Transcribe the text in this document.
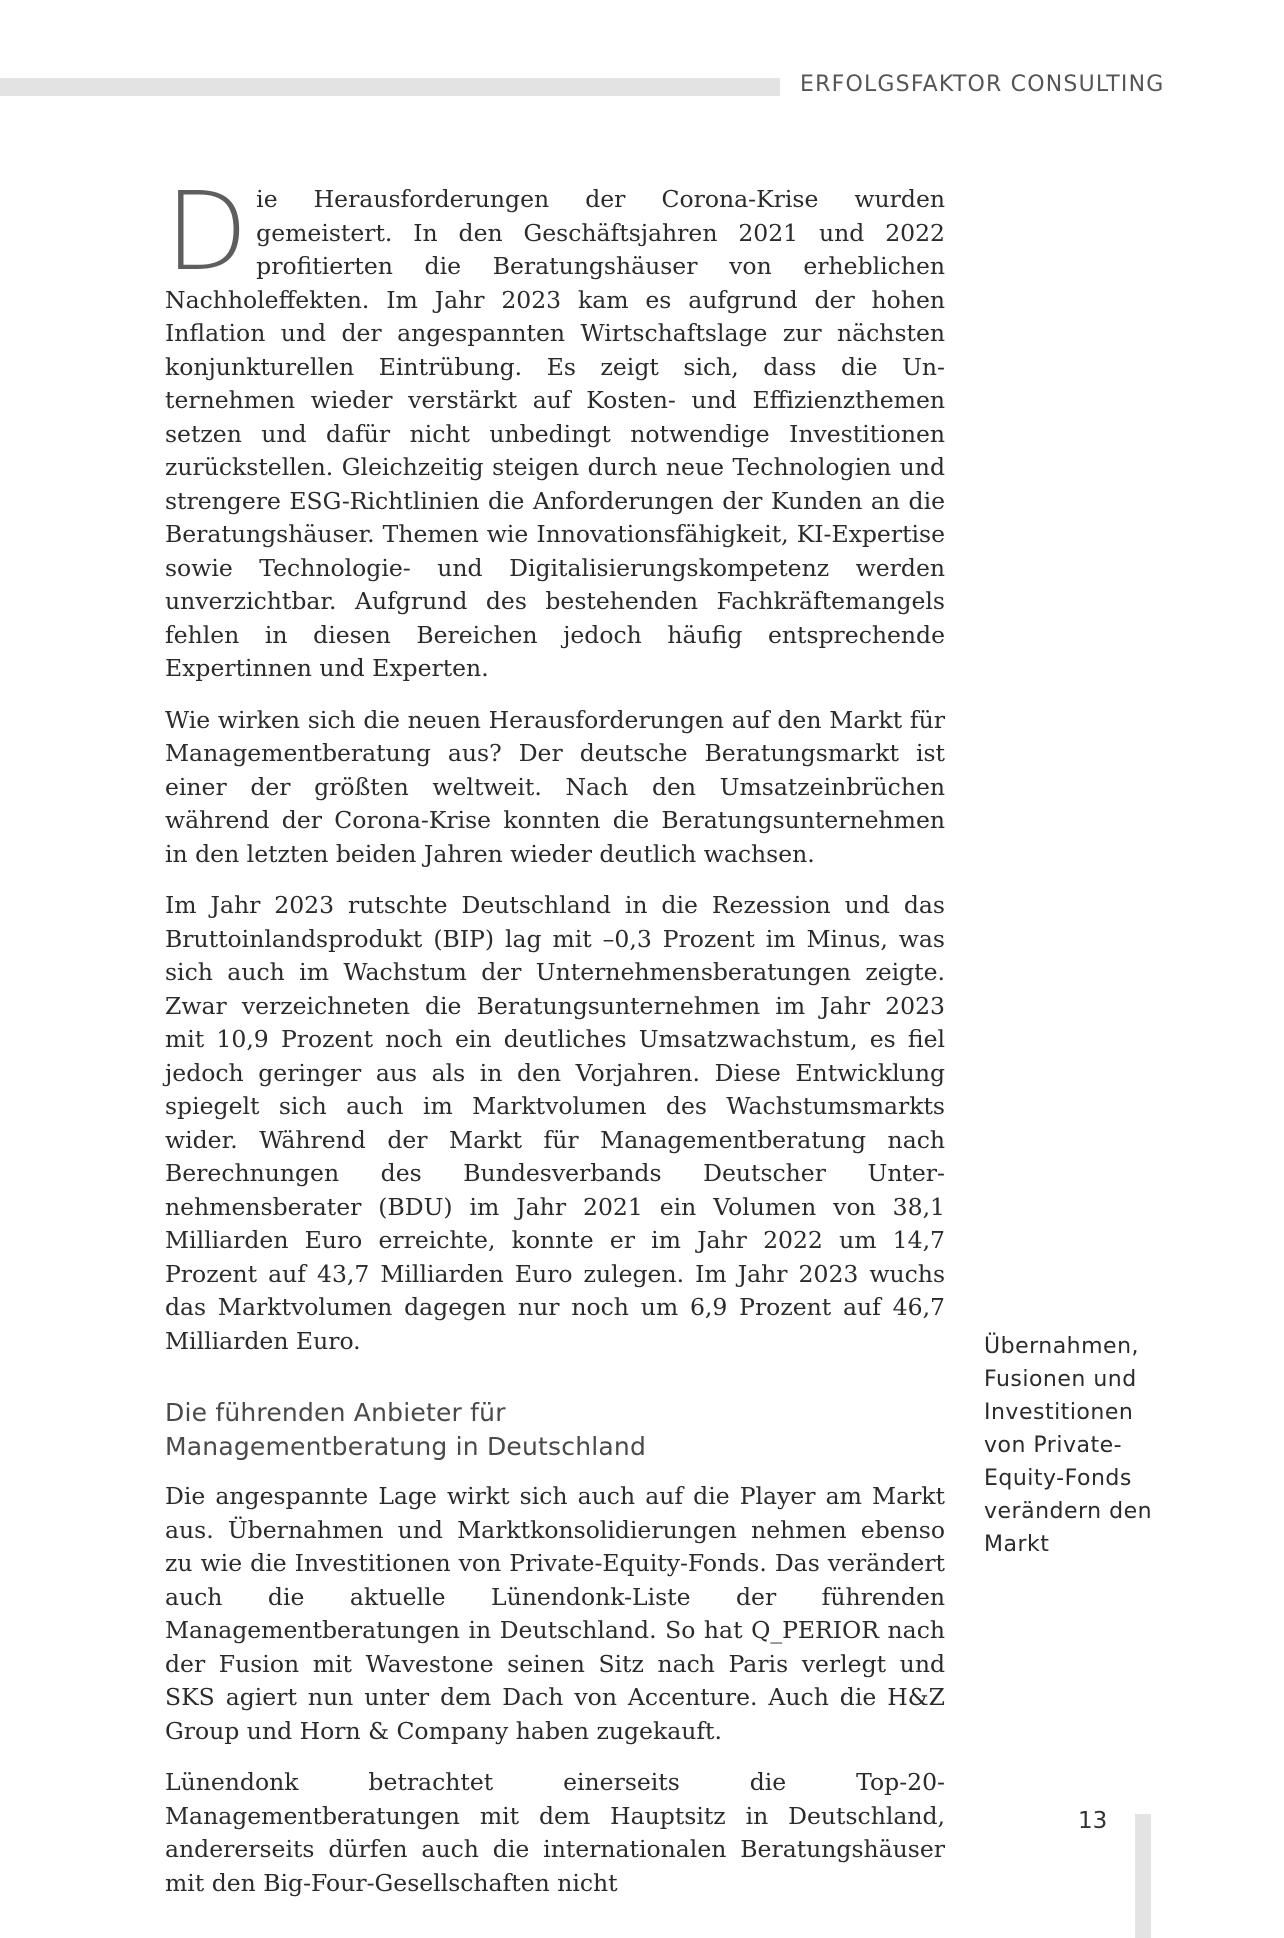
ERFOLGSFAKTOR CONSULTING

Die Herausforderungen der Corona-Krise wurden gemeistert. In den Geschäftsjahren 2021 und 2022 profitierten die Beratungshäuser von erheblichen Nachholeffekten. Im Jahr 2023 kam es aufgrund der hohen Inflation und der angespannten Wirtschaftslage zur nächsten konjunkturellen Eintrübung. Es zeigt sich, dass die Unternehmen wieder verstärkt auf Kosten- und Effizienzthemen setzen und dafür nicht unbedingt notwendige Investitionen zurückstellen. Gleichzeitig steigen durch neue Technologien und strengere ESG-Richtlinien die Anforderungen der Kunden an die Beratungshäuser. Themen wie Innovationsfähigkeit, KI-Expertise sowie Technologie- und Digitalisierungskompetenz werden unverzichtbar. Aufgrund des bestehenden Fachkräftemangels fehlen in diesen Bereichen jedoch häufig entsprechende Expertinnen und Experten.

Wie wirken sich die neuen Herausforderungen auf den Markt für Managementberatung aus? Der deutsche Beratungsmarkt ist einer der größten weltweit. Nach den Umsatzeinbrüchen während der Corona-Krise konnten die Beratungsunternehmen in den letzten beiden Jahren wieder deutlich wachsen.

Im Jahr 2023 rutschte Deutschland in die Rezession und das Bruttoinlandsprodukt (BIP) lag mit –0,3 Prozent im Minus, was sich auch im Wachstum der Unternehmensberatungen zeigte. Zwar verzeichneten die Beratungsunternehmen im Jahr 2023 mit 10,9 Prozent noch ein deutliches Umsatzwachstum, es fiel jedoch geringer aus als in den Vorjahren. Diese Entwicklung spiegelt sich auch im Marktvolumen des Wachstumsmarkts wider. Während der Markt für Managementberatung nach Berechnungen des Bundesverbands Deutscher Unternehmensberater (BDU) im Jahr 2021 ein Volumen von 38,1 Milliarden Euro erreichte, konnte er im Jahr 2022 um 14,7 Prozent auf 43,7 Milliarden Euro zulegen. Im Jahr 2023 wuchs das Marktvolumen dagegen nur noch um 6,9 Prozent auf 46,7 Milliarden Euro.

Die führenden Anbieter für
Managementberatung in Deutschland

Die angespannte Lage wirkt sich auch auf die Player am Markt aus. Übernahmen und Marktkonsolidierungen nehmen ebenso zu wie die Investitionen von Private-Equity-Fonds. Das verändert auch die aktuelle Lünendonk-Liste der führenden Managementberatungen in Deutschland. So hat Q_PERIOR nach der Fusion mit Wavestone seinen Sitz nach Paris verlegt und SKS agiert nun unter dem Dach von Accenture. Auch die H&Z Group und Horn & Company haben zugekauft.

Lünendonk betrachtet einerseits die Top-20-Managementberatungen mit dem Hauptsitz in Deutschland, andererseits dürfen auch die internationalen Beratungshäuser mit den Big-Four-Gesellschaften nicht

Übernahmen,
Fusionen und
Investitionen
von Private-
Equity-Fonds
verändern den
Markt
13
